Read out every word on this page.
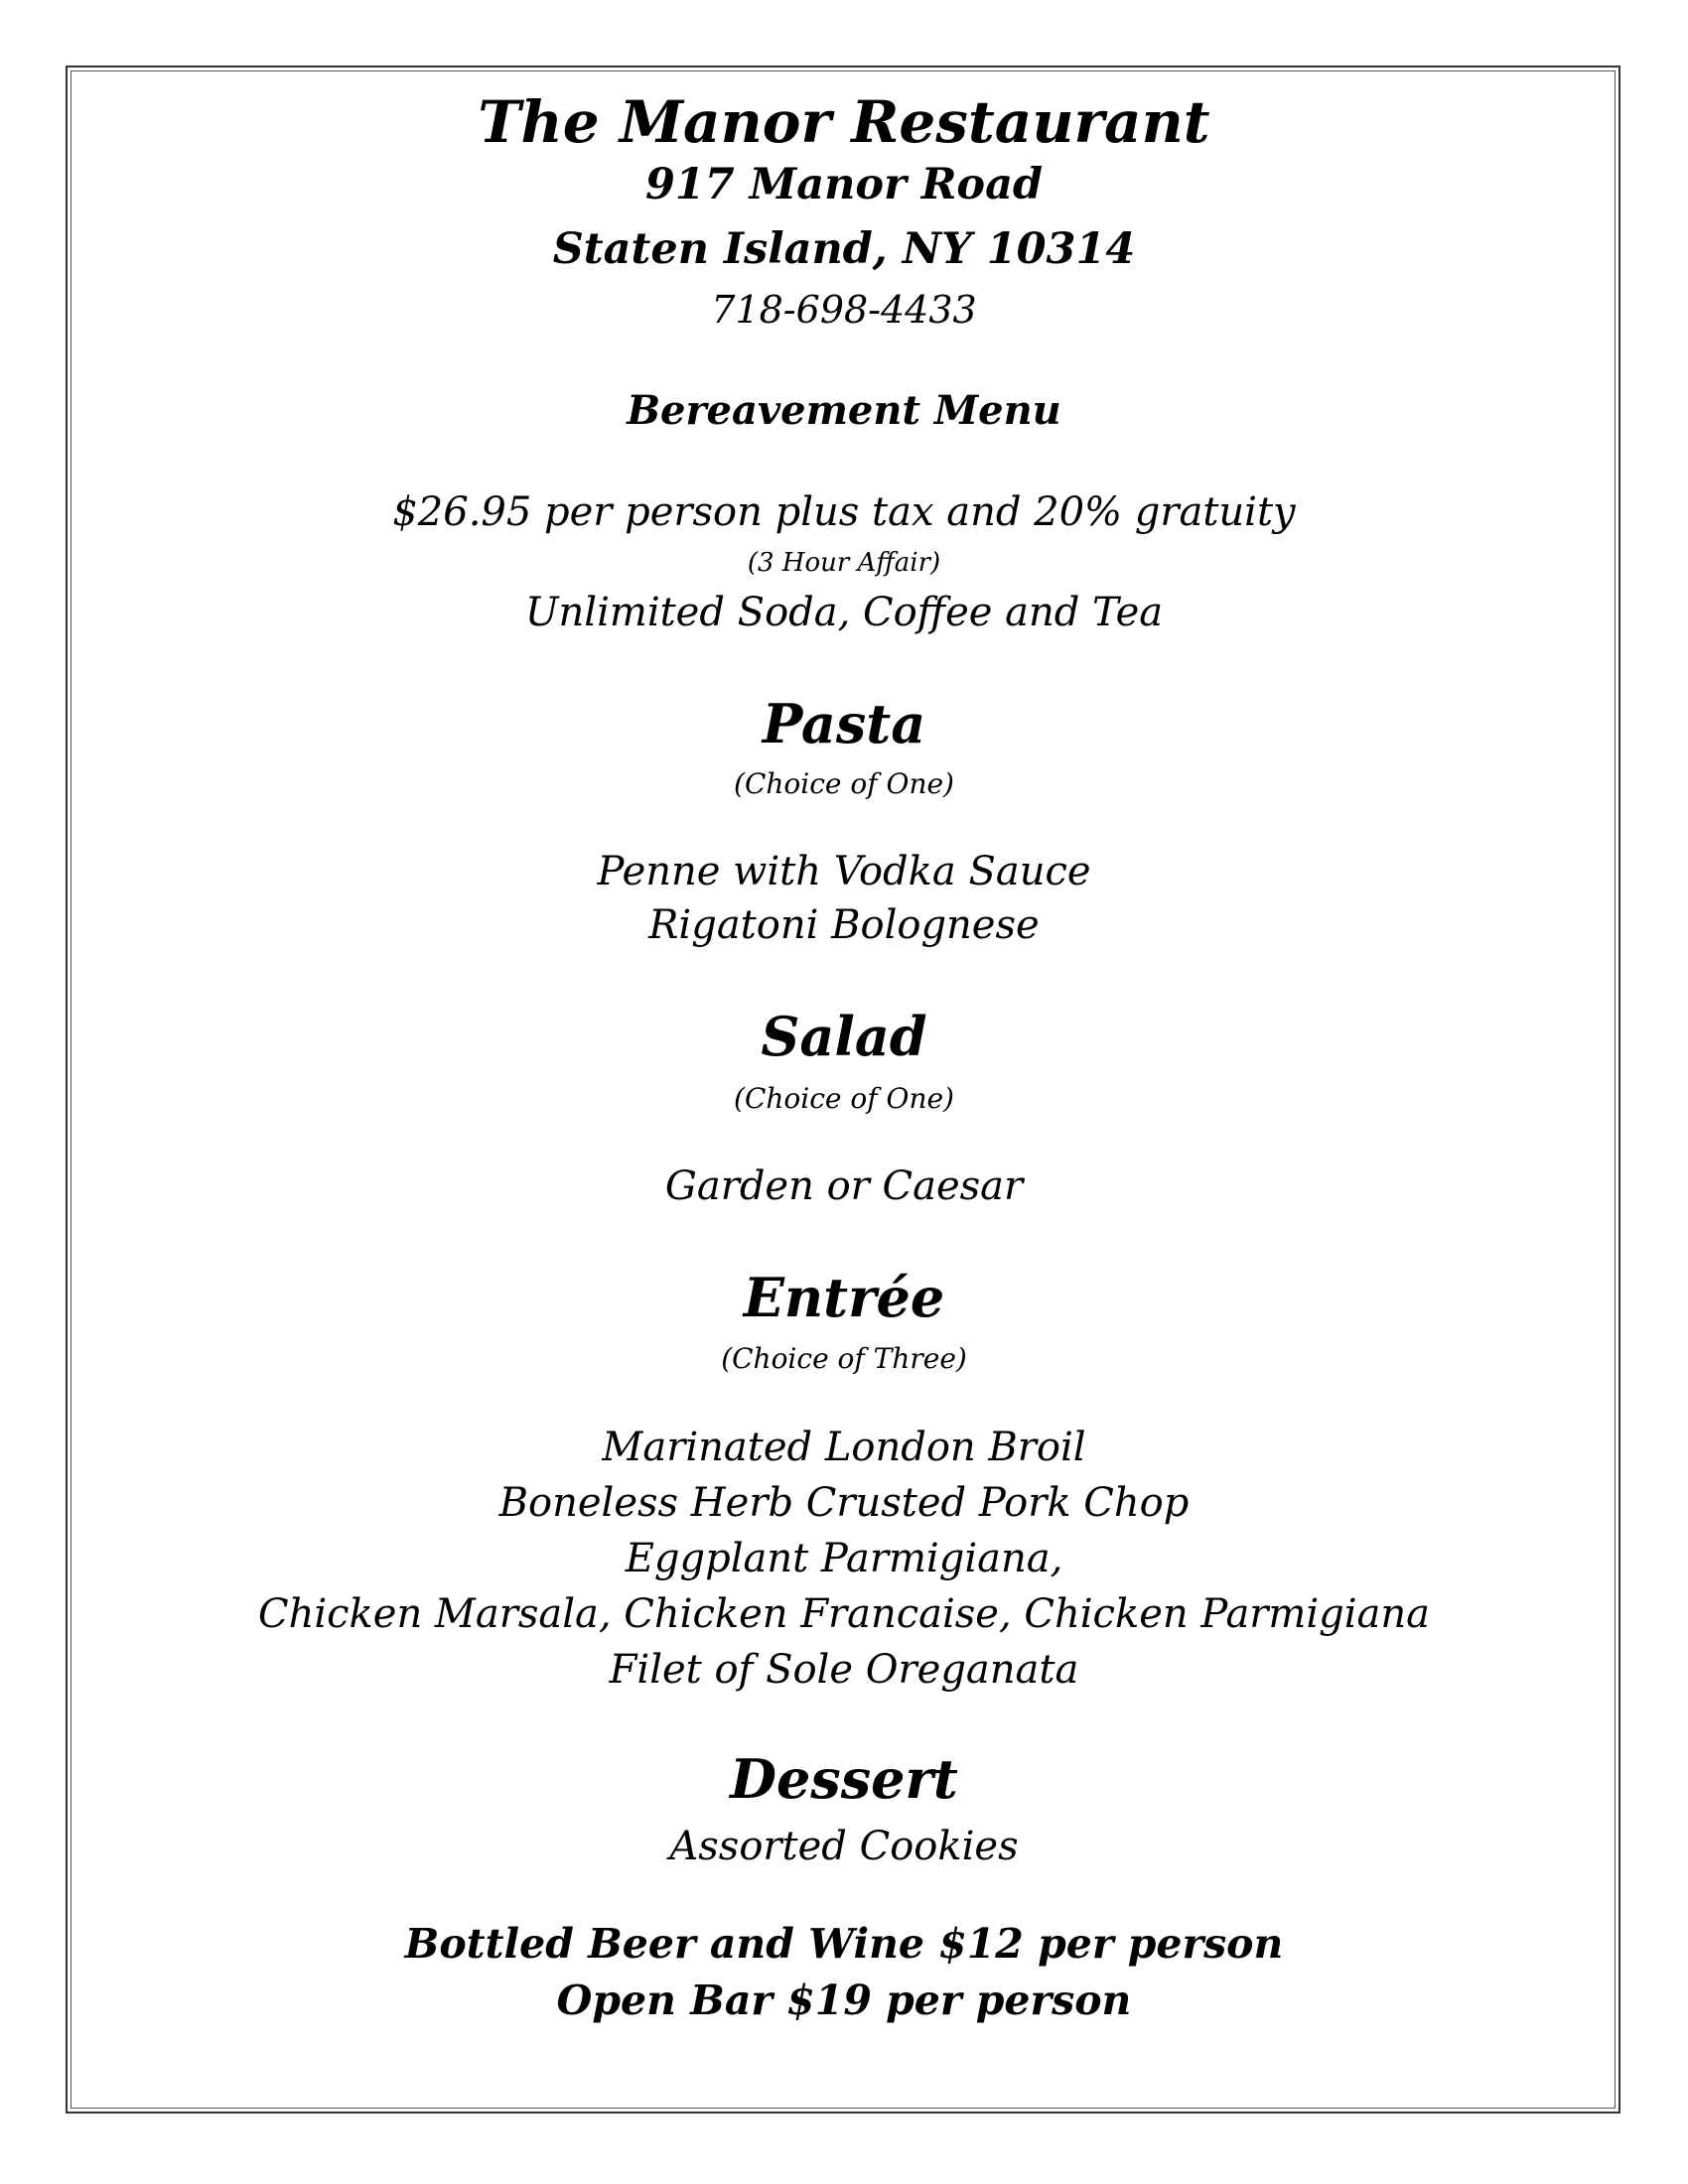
The Manor Restaurant
917 Manor Road
Staten Island, NY 10314
718-698-4433
Bereavement Menu
$26.95 per person plus tax and 20% gratuity
(3 Hour Affair)
Unlimited Soda, Coffee and Tea
Pasta
(Choice of One)
Penne with Vodka Sauce
Rigatoni Bolognese
Salad
(Choice of One)
Garden or Caesar
Entrée
(Choice of Three)
Marinated London Broil
Boneless Herb Crusted Pork Chop
Eggplant Parmigiana,
Chicken Marsala, Chicken Francaise, Chicken Parmigiana
Filet of Sole Oreganata
Dessert
Assorted Cookies
Bottled Beer and Wine $12 per person
Open Bar $19 per person
